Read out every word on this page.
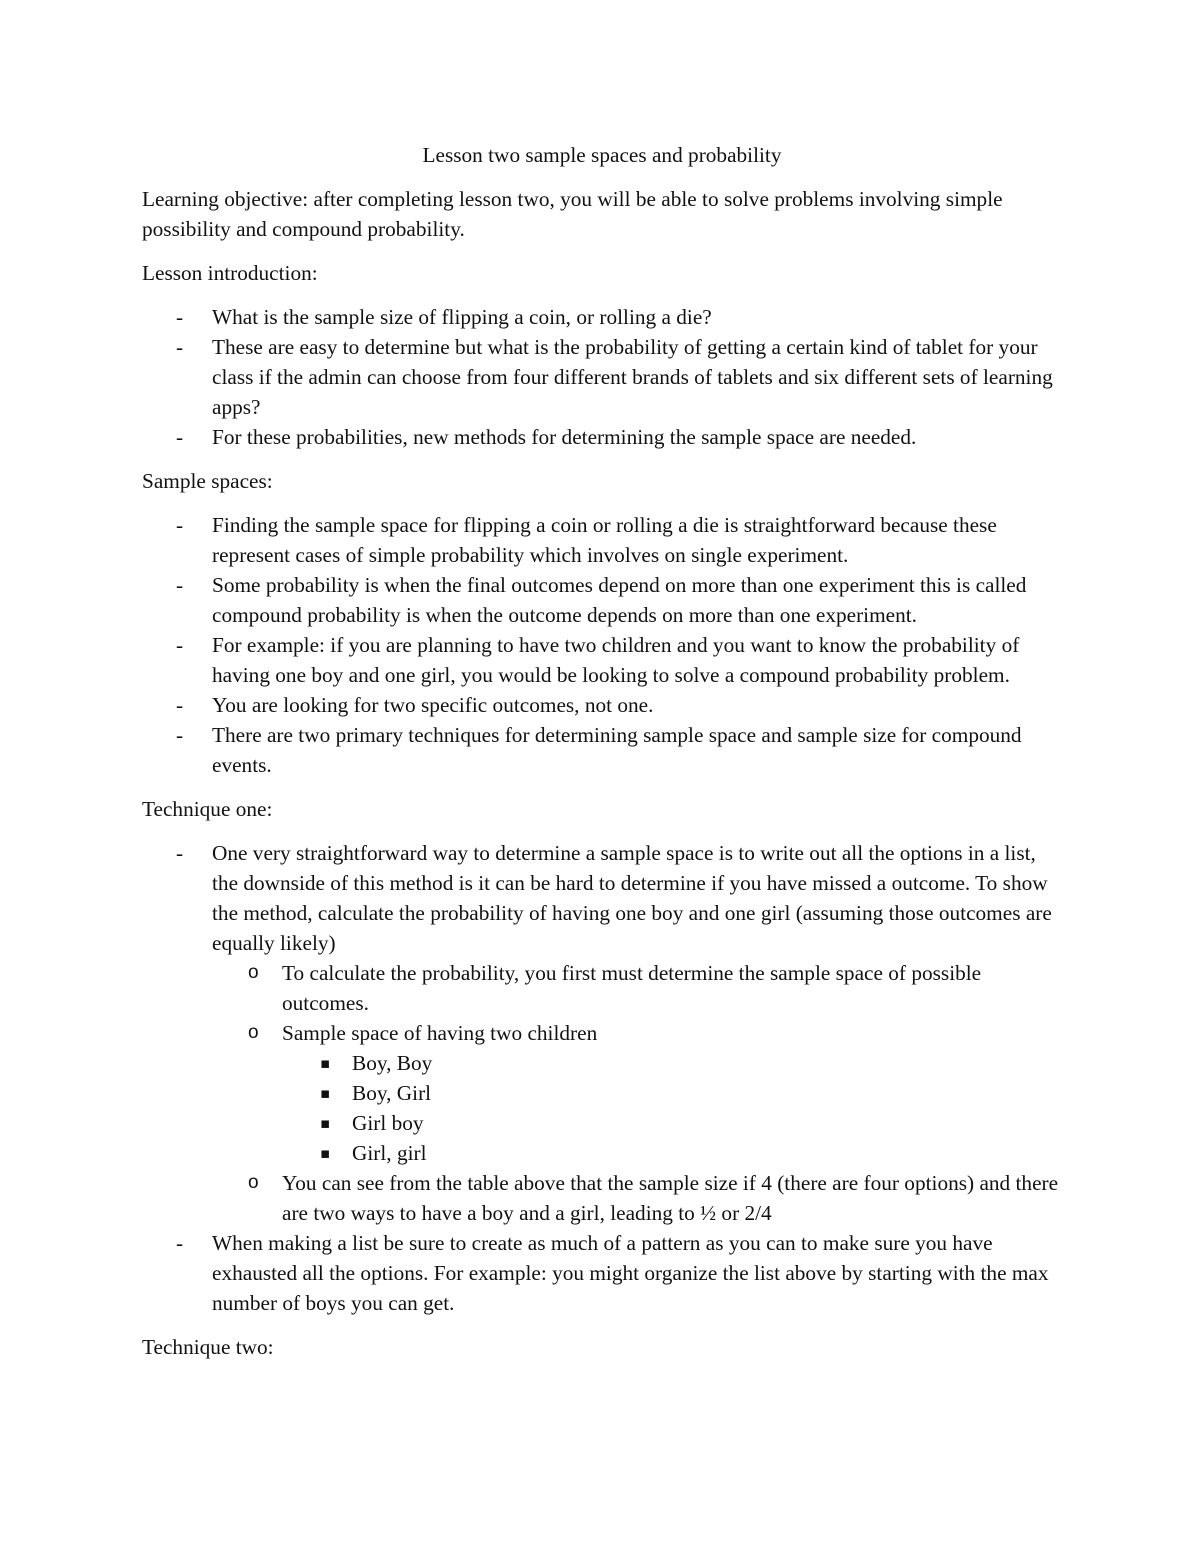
Lesson two sample spaces and probability

Learning objective: after completing lesson two, you will be able to solve problems involving simple possibility and compound probability.

Lesson introduction:

- What is the sample size of flipping a coin, or rolling a die?
- These are easy to determine but what is the probability of getting a certain kind of tablet for your class if the admin can choose from four different brands of tablets and six different sets of learning apps?
- For these probabilities, new methods for determining the sample space are needed.

Sample spaces:

- Finding the sample space for flipping a coin or rolling a die is straightforward because these represent cases of simple probability which involves on single experiment.
- Some probability is when the final outcomes depend on more than one experiment this is called compound probability is when the outcome depends on more than one experiment.
- For example: if you are planning to have two children and you want to know the probability of having one boy and one girl, you would be looking to solve a compound probability problem.
- You are looking for two specific outcomes, not one.
- There are two primary techniques for determining sample space and sample size for compound events.

Technique one:

- One very straightforward way to determine a sample space is to write out all the options in a list, the downside of this method is it can be hard to determine if you have missed a outcome. To show the method, calculate the probability of having one boy and one girl (assuming those outcomes are equally likely)
o To calculate the probability, you first must determine the sample space of possible outcomes.
o Sample space of having two children
▪ Boy, Boy
▪ Boy, Girl
▪ Girl boy
▪ Girl, girl
o You can see from the table above that the sample size if 4 (there are four options) and there are two ways to have a boy and a girl, leading to ½ or 2/4
- When making a list be sure to create as much of a pattern as you can to make sure you have exhausted all the options. For example: you might organize the list above by starting with the max number of boys you can get.

Technique two:
